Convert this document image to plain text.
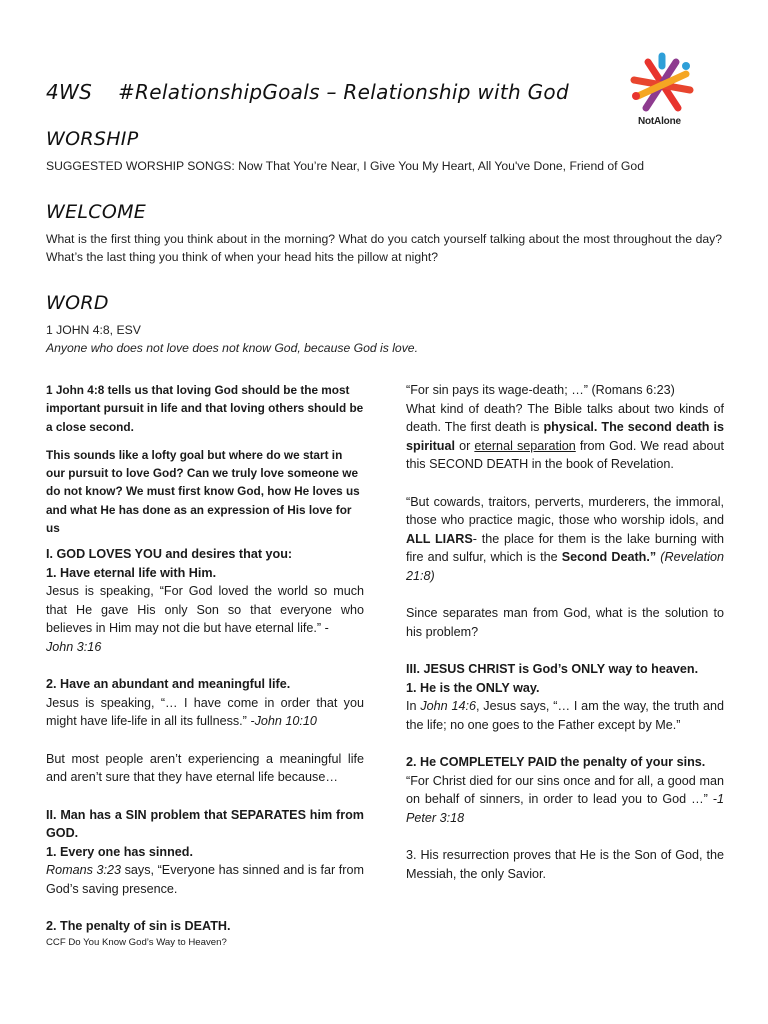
4WS #RelationshipGoals – Relationship with God
NotAlone
WORSHIP
SUGGESTED WORSHIP SONGS: Now That You’re Near, I Give You My Heart, All You've Done, Friend of God
WELCOME
What is the first thing you think about in the morning? What do you catch yourself talking about the most throughout the day? What’s the last thing you think of when your head hits the pillow at night?
WORD
1 JOHN 4:8, ESV
Anyone who does not love does not know God, because God is love.

1 John 4:8 tells us that loving God should be the most important pursuit in life and that loving others should be a close second.

This sounds like a lofty goal but where do we start in our pursuit to love God? Can we truly love someone we do not know? We must first know God, how He loves us and what He has done as an expression of His love for us

I. GOD LOVES YOU and desires that you:

1. Have eternal life with Him.

Jesus is speaking, “For God loved the world so much that He gave His only Son so that everyone who believes in Him may not die but have eternal life.” -
John 3:16

2. Have an abundant and meaningful life.

Jesus is speaking, “… I have come in order that you might have life-life in all its fullness.” -John 10:10

But most people aren’t experiencing a meaningful life and aren’t sure that they have eternal life because…

II. Man has a SIN problem that SEPARATES him from GOD.

1. Every one has sinned.

Romans 3:23 says, “Everyone has sinned and is far from God’s saving presence.

2. The penalty of sin is DEATH.

CCF Do You Know God’s Way to Heaven?

“For sin pays its wage-death; …” (Romans 6:23)

What kind of death? The Bible talks about two kinds of death. The first death is physical. The second death is spiritual or eternal separation from God. We read about this SECOND DEATH in the book of Revelation.

“But cowards, traitors, perverts, murderers, the immoral, those who practice magic, those who worship idols, and ALL LIARS- the place for them is the lake burning with fire and sulfur, which is the Second Death.” (Revelation 21:8)

Since separates man from God, what is the solution to his problem?

III. JESUS CHRIST is God’s ONLY way to heaven.

1. He is the ONLY way.

In John 14:6, Jesus says, “… I am the way, the truth and the life; no one goes to the Father except by Me.”

2. He COMPLETELY PAID the penalty of your sins.

“For Christ died for our sins once and for all, a good man on behalf of sinners, in order to lead you to God …” -1 Peter 3:18

3. His resurrection proves that He is the Son of God, the Messiah, the only Savior.
